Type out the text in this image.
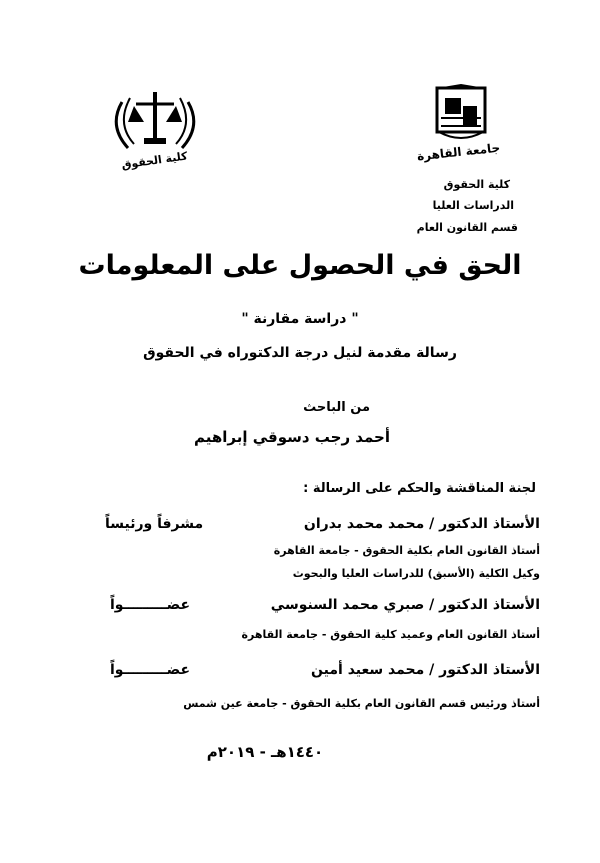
جامعة القاهرة
كلية الحقوق
كلية الحقوق
الدراسات العليا
قسم القانون العام
الحق في الحصول على المعلومات
" دراسة مقارنة "
رسالة مقدمة لنيل درجة الدكتوراه في الحقوق
من الباحث
أحمد رجب دسوقي إبراهيم
لجنة المناقشة والحكم على الرسالة :
الأستاذ الدكتور / محمد محمد بدران
مشرفاً ورئيساً
أستاذ القانون العام بكلية الحقوق - جامعة القاهرة
وكيل الكلية (الأسبق) للدراسات العليا والبحوث
الأستاذ الدكتور / صبري محمد السنوسي
عضـــــــــواً
أستاذ القانون العام وعميد كلية الحقوق - جامعة القاهرة
الأستاذ الدكتور / محمد سعيد أمين
عضـــــــــواً
أستاذ ورئيس قسم القانون العام بكلية الحقوق - جامعة عين شمس
١٤٤٠هـ - ٢٠١٩م
